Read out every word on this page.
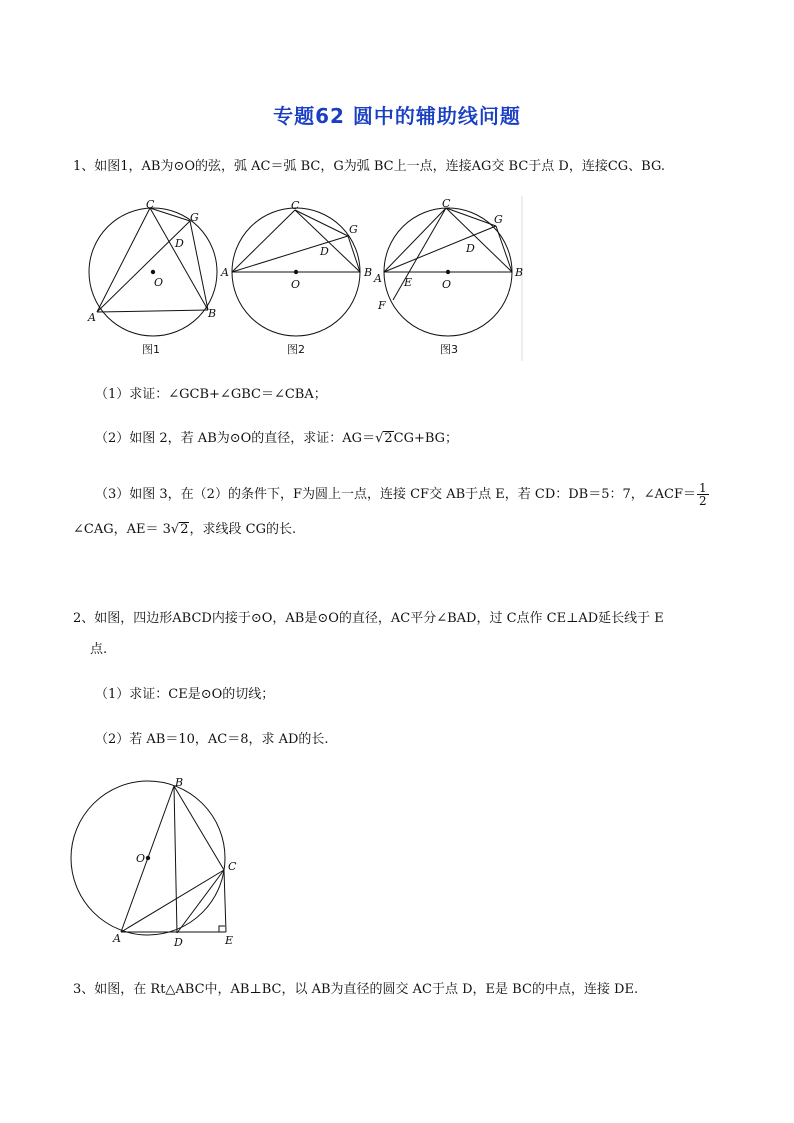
专题62 圆中的辅助线问题
1、如图1，AB为⊙O的弦，弧 AC＝弧 BC，G为弧 BC上一点，连接AG交 BC于点 D，连接CG、BG.
C
G
D
O
A	B
图1
C
G
D
O
A	B
图2
C
G
D
O
A	B
E
F
图3
（1）求证：∠GCB+∠GBC＝∠CBA；
（2）如图 2，若 AB为⊙O的直径，求证：AG＝√2CG+BG；
（3）如图 3，在（2）的条件下，F为圆上一点，连接 CF交 AB于点 E，若 CD：DB＝5：7，∠ACF＝ $\frac{1}{2}$
∠CAG，AE＝ 3√2，求线段 CG的长.
2、如图，四边形ABCD内接于⊙O，AB是⊙O的直径，AC平分∠BAD，过 C点作 CE⊥AD延长线于 E
点.
（1）求证：CE是⊙O的切线；
（2）若 AB＝10，AC＝8，求 AD的长.
B
O
C
A	D	E
3、如图，在 Rt△ABC中，AB⊥BC，以 AB为直径的圆交 AC于点 D，E是 BC的中点，连接 DE.
